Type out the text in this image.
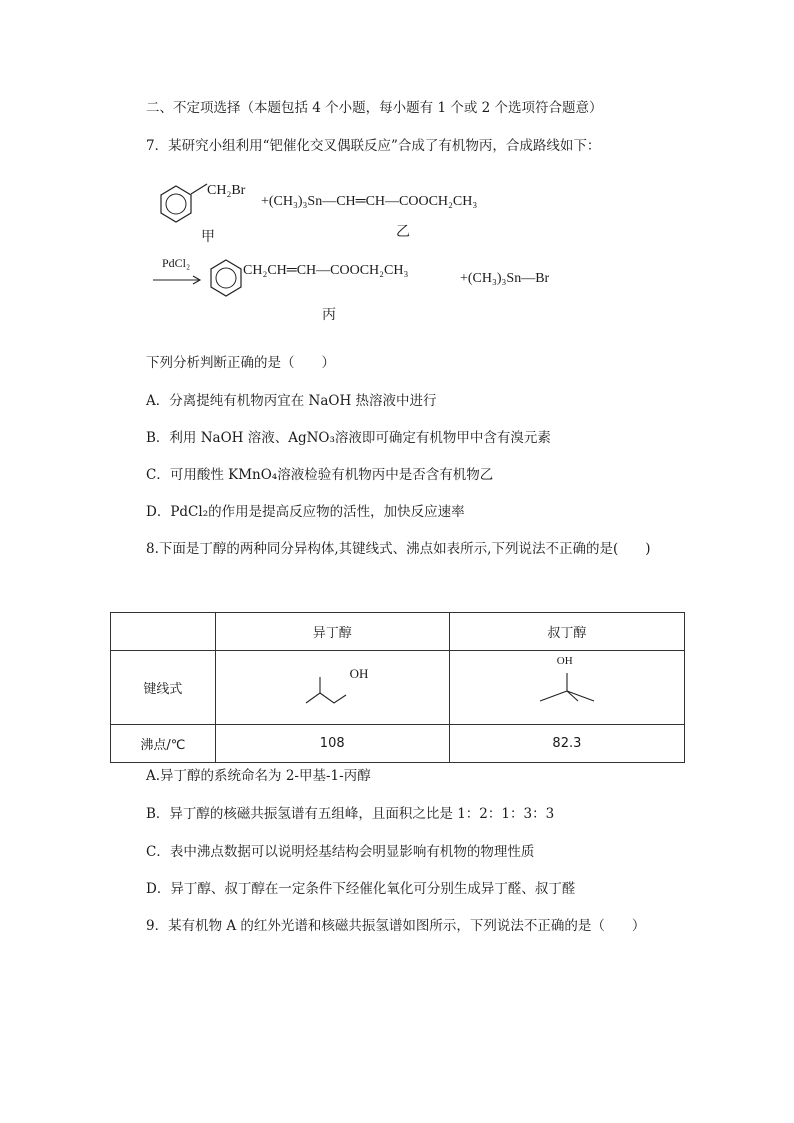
二、不定项选择（本题包括 4 个小题，每小题有 1 个或 2 个选项符合题意）
7．某研究小组利用“钯催化交叉偶联反应”合成了有机物丙，合成路线如下：
CH₂Br
甲
+(CH₃)₃Sn—CH═CH—COOCH₂CH₃
乙
PdCl₂	CH₂CH═CH—COOCH₂CH₃
丙
+(CH₃)₃Sn—Br
下列分析判断正确的是（　　）
A．分离提纯有机物丙宜在 NaOH 热溶液中进行
B．利用 NaOH 溶液、AgNO₃溶液即可确定有机物甲中含有溴元素
C．可用酸性 KMnO₄溶液检验有机物丙中是否含有机物乙
D．PdCl₂的作用是提高反应物的活性，加快反应速率
8.下面是丁醇的两种同分异构体,其键线式、沸点如表所示,下列说法不正确的是(　　)
	异丁醇	叔丁醇
键线式	OH	OH

沸点/℃	108	82.3
A.异丁醇的系统命名为 2-甲基-1-丙醇
B．异丁醇的核磁共振氢谱有五组峰，且面积之比是 1：2：1：3：3
C．表中沸点数据可以说明烃基结构会明显影响有机物的物理性质
D．异丁醇、叔丁醇在一定条件下经催化氧化可分别生成异丁醛、叔丁醛
9．某有机物 A 的红外光谱和核磁共振氢谱如图所示，下列说法不正确的是（　　）
